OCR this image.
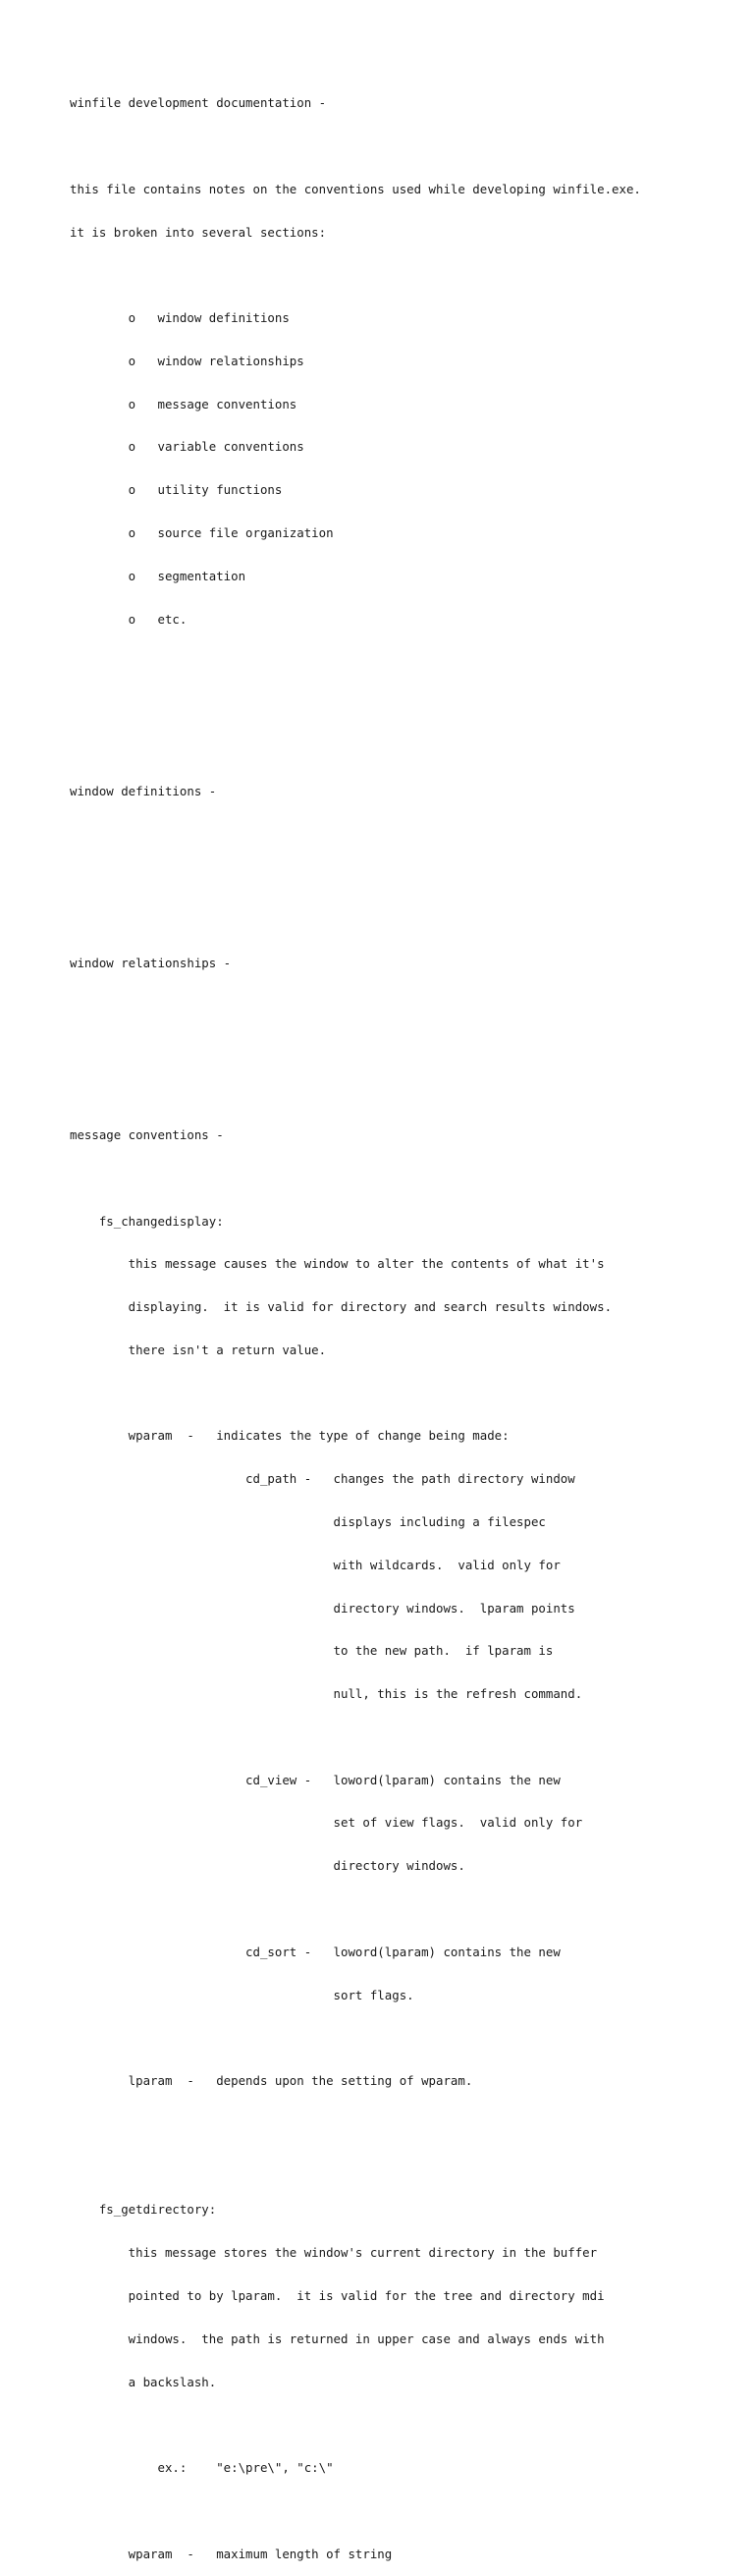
winfile development documentation -

this file contains notes on the conventions used while developing winfile.exe.

it is broken into several sections:

o   window definitions

o   window relationships

o   message conventions

o   variable conventions

o   utility functions

o   source file organization

o   segmentation

o   etc.

window definitions -

window relationships -

message conventions -

fs_changedisplay:

this message causes the window to alter the contents of what it's

displaying.  it is valid for directory and search results windows.

there isn't a return value.

wparam  -   indicates the type of change being made:

cd_path -   changes the path directory window

displays including a filespec

with wildcards.  valid only for

directory windows.  lparam points

to the new path.  if lparam is

null, this is the refresh command.

cd_view -   loword(lparam) contains the new

set of view flags.  valid only for

directory windows.

cd_sort -   loword(lparam) contains the new

sort flags.

lparam  -   depends upon the setting of wparam.

fs_getdirectory:

this message stores the window's current directory in the buffer

pointed to by lparam.  it is valid for the tree and directory mdi

windows.  the path is returned in upper case and always ends with

a backslash.

ex.:    "e:\pre\", "c:\"

wparam  -   maximum length of string
